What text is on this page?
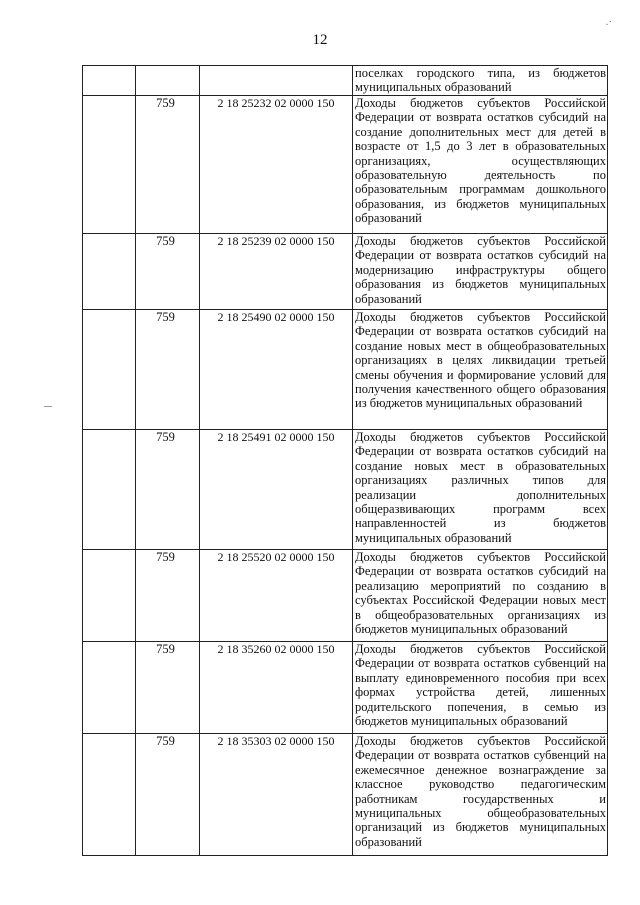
12
·˙
			поселках городского типа, из бюджетов муниципальных образований
	759	2 18 25232 02 0000 150	Доходы бюджетов субъектов Российской Федерации от возврата остатков субсидий на создание дополнительных мест для детей в возрасте от 1,5 до 3 лет в образовательных организациях, осуществляющих образовательную деятельность по образовательным программам дошкольного образования, из бюджетов муниципальных образований
	759	2 18 25239 02 0000 150	Доходы бюджетов субъектов Российской Федерации от возврата остатков субсидий на модернизацию инфраструктуры общего образования из бюджетов муниципальных образований
	759	2 18 25490 02 0000 150	Доходы бюджетов субъектов Российской Федерации от возврата остатков субсидий на создание новых мест в общеобразовательных организациях в целях ликвидации третьей смены обучения и формирование условий для получения качественного общего образования из бюджетов муниципальных образований
	759	2 18 25491 02 0000 150	Доходы бюджетов субъектов Российской Федерации от возврата остатков субсидий на создание новых мест в образовательных организациях различных типов для реализации дополнительных общеразвивающих программ всех направленностей из бюджетов муниципальных образований
	759	2 18 25520 02 0000 150	Доходы бюджетов субъектов Российской Федерации от возврата остатков субсидий на реализацию мероприятий по созданию в субъектах Российской Федерации новых мест в общеобразовательных организациях из бюджетов муниципальных образований
	759	2 18 35260 02 0000 150	Доходы бюджетов субъектов Российской Федерации от возврата остатков субвенций на выплату единовременного пособия при всех формах устройства детей, лишенных родительского попечения, в семью из бюджетов муниципальных образований
	759	2 18 35303 02 0000 150	Доходы бюджетов субъектов Российской Федерации от возврата остатков субвенций на ежемесячное денежное вознаграждение за классное руководство педагогическим работникам государственных и муниципальных общеобразовательных организаций из бюджетов муниципальных образований
